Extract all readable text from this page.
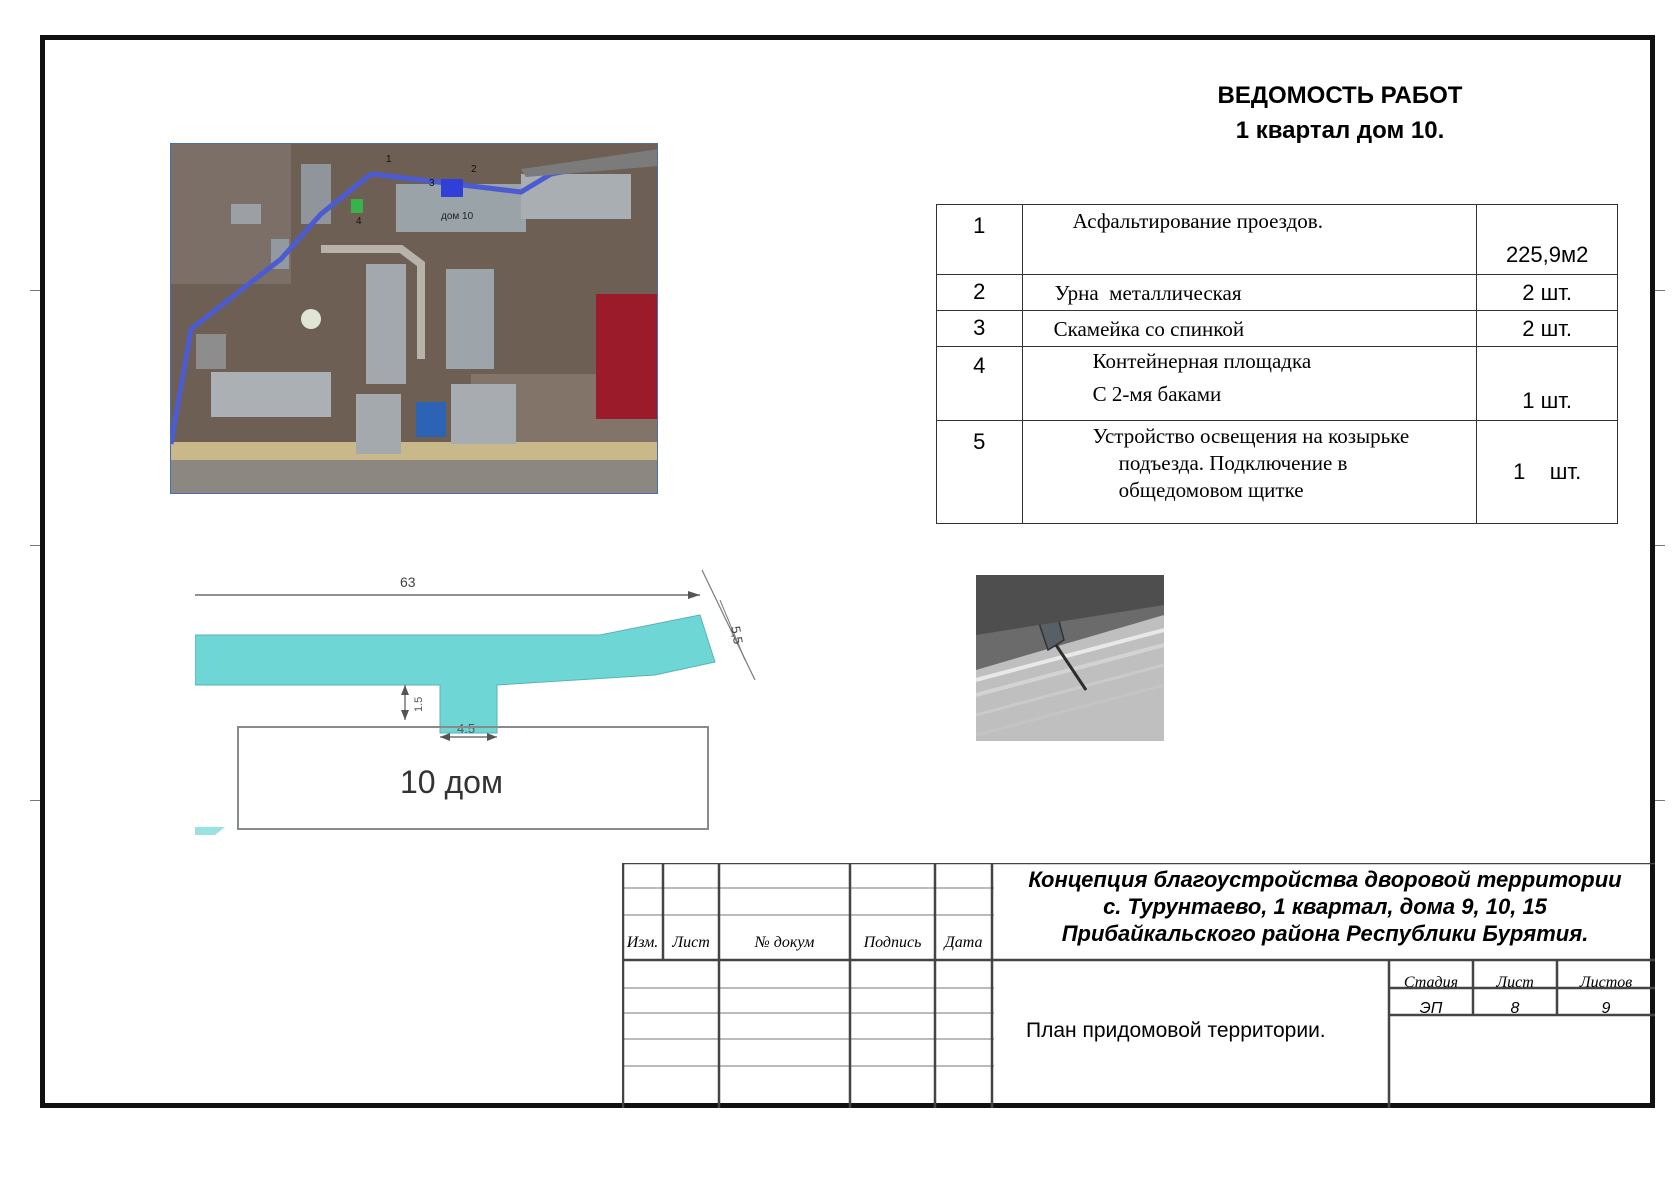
ВЕДОМОСТЬ РАБОТ
1 квартал дом 10.
1	Асфальтирование проездов.	225,9м2
2	Урна  металлическая	2 шт.
3	Скамейка со спинкой	2 шт.
4	Контейнерная площадка
С 2-мя баками	1 шт.
5	Устройство освещения на козырьке
подъезда. Подключение в
общедомовом щитке	1    шт.
дом 10
1
2
3
4
63
5,5
1.5
4.5
10 дом
Изм. Лист	№ докум	Подпись	Дата
Концепция благоустройства дворовой территории
с. Турунтаево, 1 квартал, дома 9, 10, 15
Прибайкальского района Республики Бурятия.
План придомовой территории.
Стадия	Лист	Листов
ЭП	8	9
